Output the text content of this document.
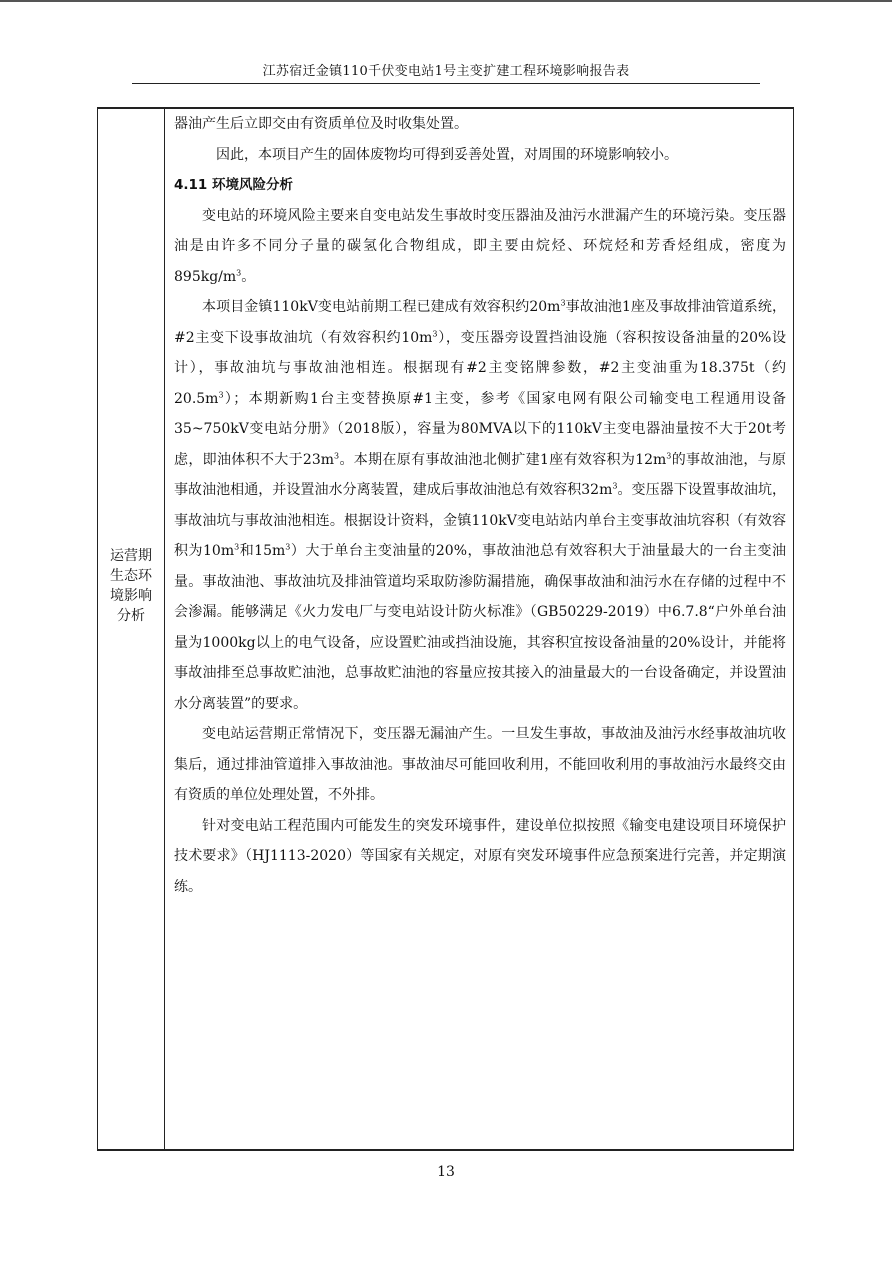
江苏宿迁金镇110千伏变电站1号主变扩建工程环境影响报告表
运营期
生态环
境影响
分析

器油产生后立即交由有资质单位及时收集处置。

因此，本项目产生的固体废物均可得到妥善处置，对周围的环境影响较小。

4.11 环境风险分析

变电站的环境风险主要来自变电站发生事故时变压器油及油污水泄漏产生的环境污染。变压器油是由许多不同分子量的碳氢化合物组成，即主要由烷烃、环烷烃和芳香烃组成，密度为$895kg/m^3$。

本项目金镇110kV变电站前期工程已建成有效容积约$20m^3$事故油池1座及事故排油管道系统，#2主变下设事故油坑（有效容积约$10m^3$），变压器旁设置挡油设施（容积按设备油量的20%设计），事故油坑与事故油池相连。根据现有#2主变铭牌参数，#2主变油重为18.375t（约$20.5m^3$）；本期新购1台主变替换原#1主变，参考《国家电网有限公司输变电工程通用设备35~750kV变电站分册》（2018版），容量为80MVA以下的110kV主变电器油量按不大于20t考虑，即油体积不大于$23m^3$。本期在原有事故油池北侧扩建1座有效容积为$12m^3$的事故油池，与原事故油池相通，并设置油水分离装置，建成后事故油池总有效容积$32m^3$。变压器下设置事故油坑，事故油坑与事故油池相连。根据设计资料，金镇110kV变电站站内单台主变事故油坑容积（有效容积为$10m^3$和$15m^3$）大于单台主变油量的20%，事故油池总有效容积大于油量最大的一台主变油量。事故油池、事故油坑及排油管道均采取防渗防漏措施，确保事故油和油污水在存储的过程中不会渗漏。能够满足《火力发电厂与变电站设计防火标准》（GB50229-2019）中6.7.8“户外单台油量为1000kg以上的电气设备，应设置贮油或挡油设施，其容积宜按设备油量的20%设计，并能将事故油排至总事故贮油池，总事故贮油池的容量应按其接入的油量最大的一台设备确定，并设置油水分离装置”的要求。

变电站运营期正常情况下，变压器无漏油产生。一旦发生事故，事故油及油污水经事故油坑收集后，通过排油管道排入事故油池。事故油尽可能回收利用，不能回收利用的事故油污水最终交由有资质的单位处理处置，不外排。

针对变电站工程范围内可能发生的突发环境事件，建设单位拟按照《输变电建设项目环境保护技术要求》（HJ1113-2020）等国家有关规定，对原有突发环境事件应急预案进行完善，并定期演练。

13
